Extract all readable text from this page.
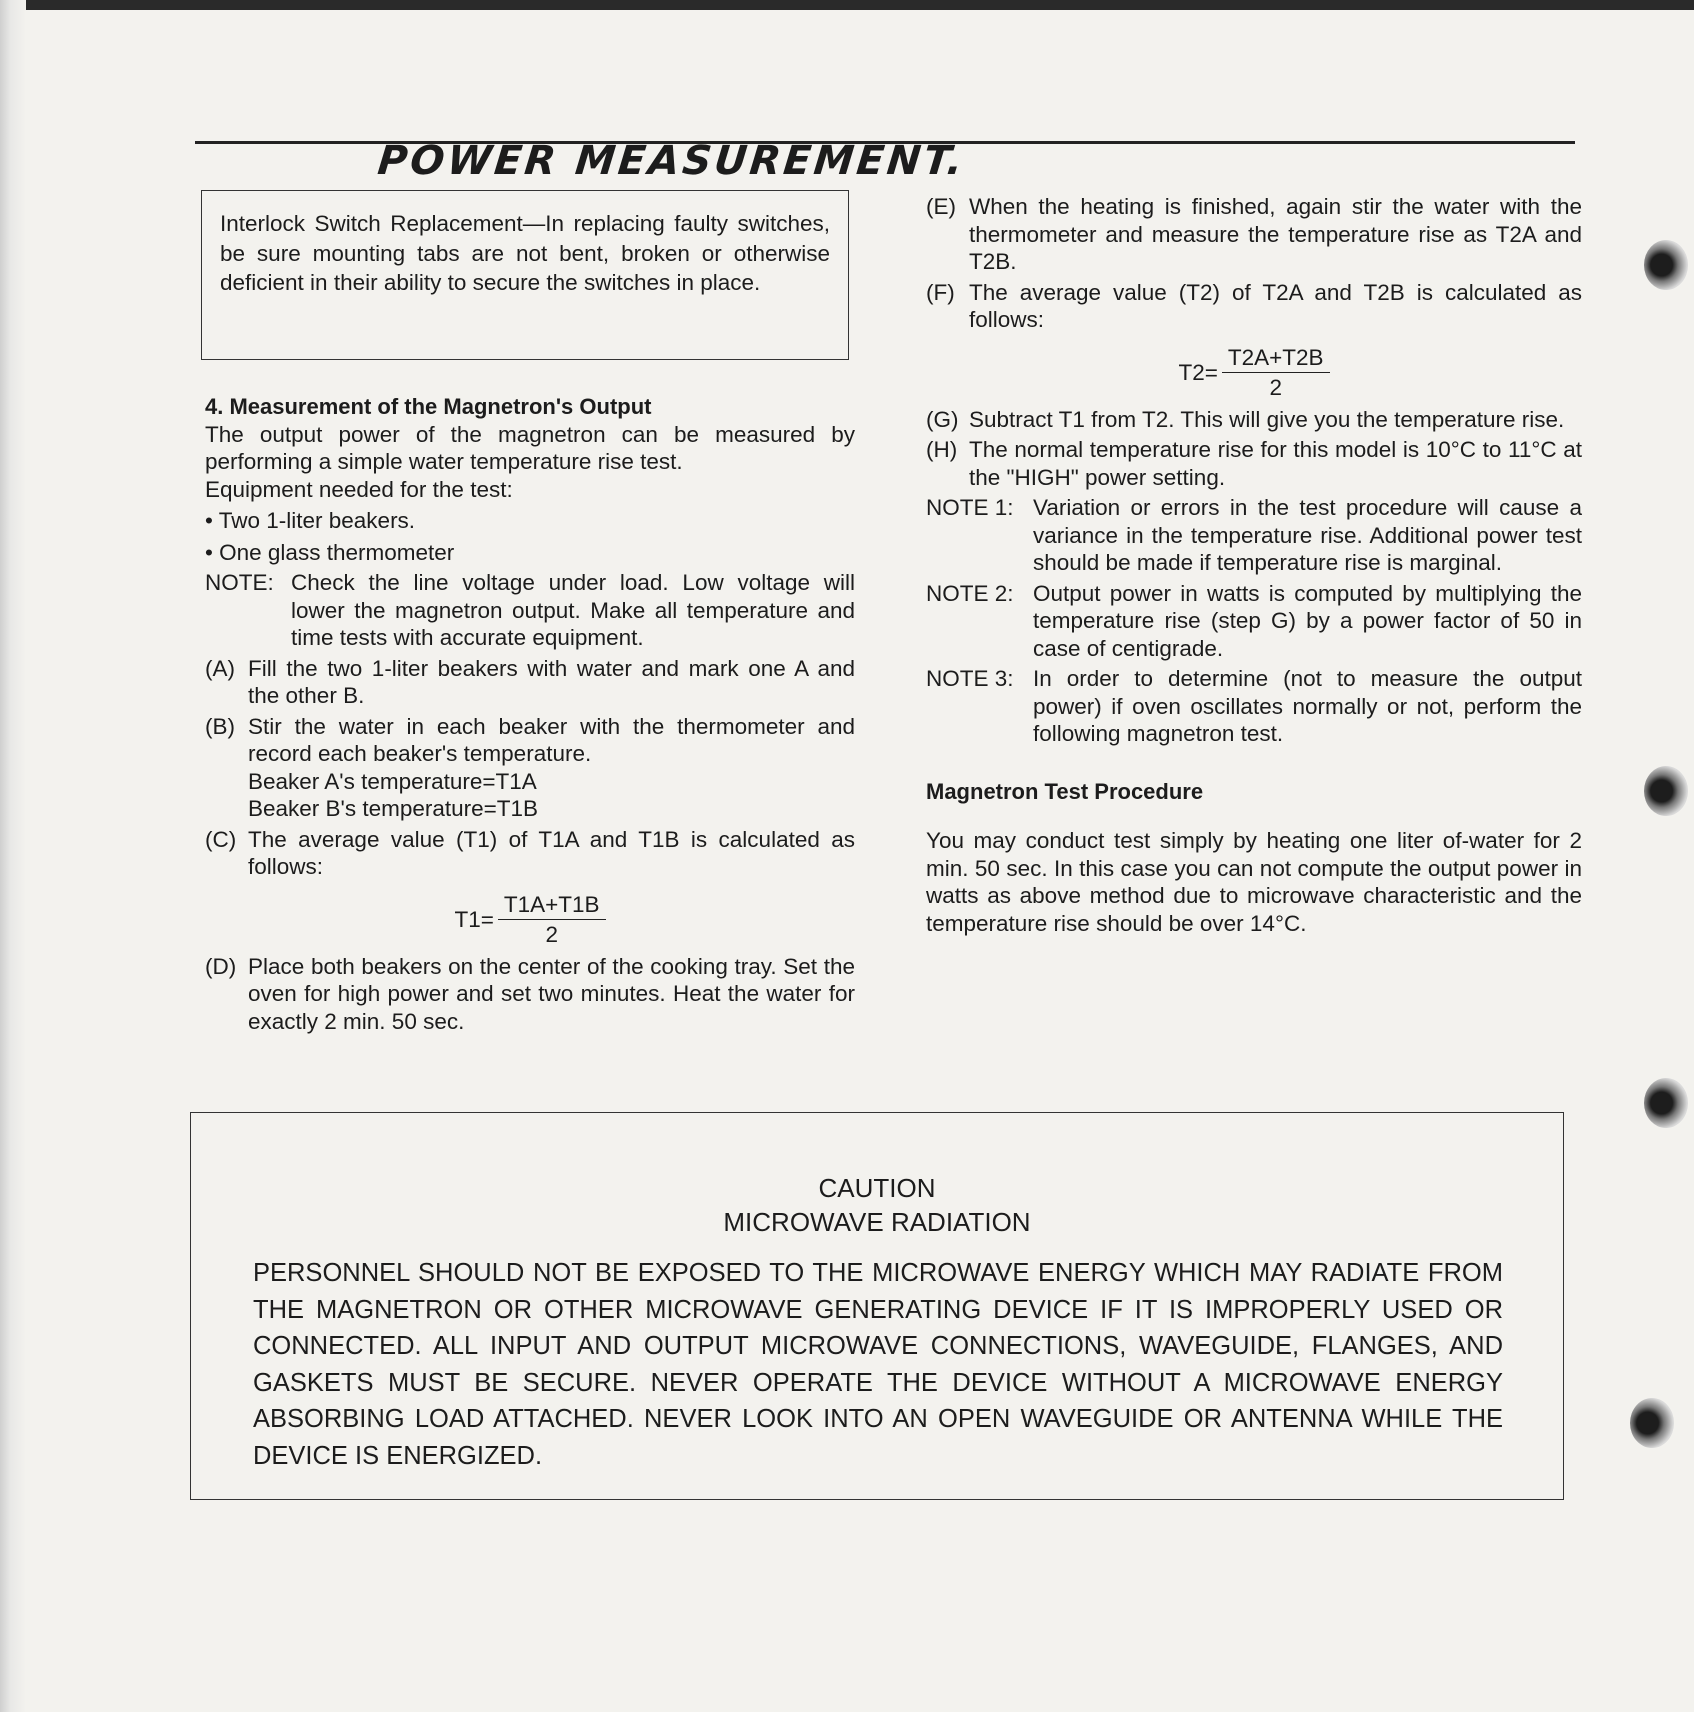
POWER MEASUREMENT.

Interlock Switch Replacement—In replacing faulty switches, be sure mounting tabs are not bent, broken or otherwise deficient in their ability to secure the switches in place.

4. Measurement of the Magnetron's Output

The output power of the magnetron can be measured by performing a simple water temperature rise test.

Equipment needed for the test:

• Two 1-liter beakers.

• One glass thermometer

NOTE: Check the line voltage under load. Low voltage will lower the magnetron output. Make all temperature and time tests with accurate equipment.
(A) Fill the two 1-liter beakers with water and mark one A and the other B.
(B) Stir the water in each beaker with the thermometer and record each beaker's temperature.
Beaker A's temperature=T1A
Beaker B's temperature=T1B
(C) The average value (T1) of T1A and T1B is calculated as follows:
$T1= \frac{T1A+T1B}{2}$
(D) Place both beakers on the center of the cooking tray. Set the oven for high power and set two minutes. Heat the water for exactly 2 min. 50 sec.
(E) When the heating is finished, again stir the water with the thermometer and measure the temperature rise as T2A and T2B.
(F) The average value (T2) of T2A and T2B is calculated as follows:
$T2= \frac{T2A+T2B}{2}$
(G) Subtract T1 from T2. This will give you the temperature rise.
(H) The normal temperature rise for this model is 10°C to 11°C at the "HIGH" power setting.
NOTE 1: Variation or errors in the test procedure will cause a variance in the temperature rise. Additional power test should be made if temperature rise is marginal.
NOTE 2: Output power in watts is computed by multiplying the temperature rise (step G) by a power factor of 50 in case of centigrade.
NOTE 3: In order to determine (not to measure the output power) if oven oscillates normally or not, perform the following magnetron test.

Magnetron Test Procedure

You may conduct test simply by heating one liter of-water for 2 min. 50 sec. In this case you can not compute the output power in watts as above method due to microwave characteristic and the temperature rise should be over 14°C.

CAUTION
MICROWAVE RADIATION
PERSONNEL SHOULD NOT BE EXPOSED TO THE MICROWAVE ENERGY WHICH MAY RADIATE FROM THE MAGNETRON OR OTHER MICROWAVE GENERATING DEVICE IF IT IS IMPROPERLY USED OR CONNECTED. ALL INPUT AND OUTPUT MICROWAVE CONNECTIONS, WAVEGUIDE, FLANGES, AND GASKETS MUST BE SECURE. NEVER OPERATE THE DEVICE WITHOUT A MICROWAVE ENERGY ABSORBING LOAD ATTACHED. NEVER LOOK INTO AN OPEN WAVEGUIDE OR ANTENNA WHILE THE DEVICE IS ENERGIZED.
